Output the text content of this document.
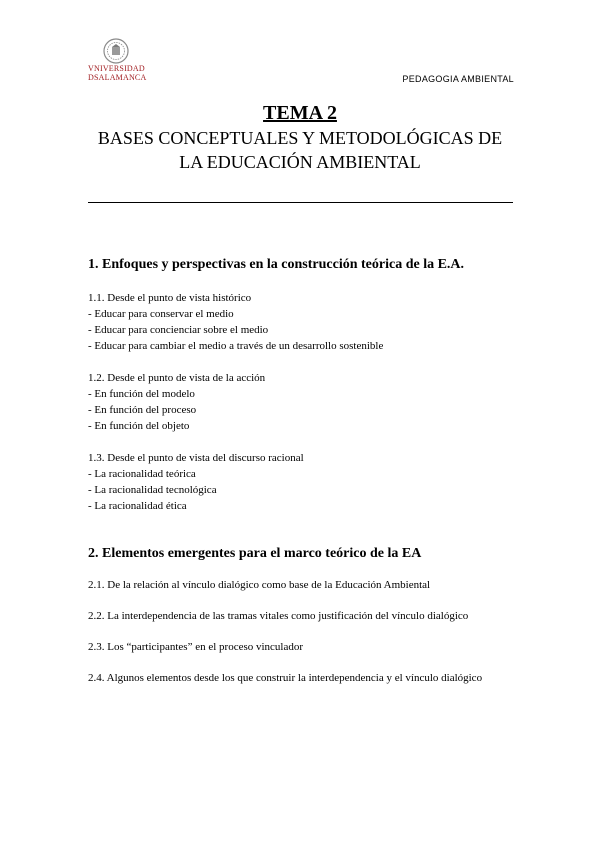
VNIVERSIDAD
DSALAMANCA	PEDAGOGIA AMBIENTAL
TEMA 2
BASES CONCEPTUALES Y METODOLÓGICAS DE
LA EDUCACIÓN AMBIENTAL
1. Enfoques y perspectivas en la construcción teórica de la E.A.
1.1. Desde el punto de vista histórico
- Educar para conservar el medio
- Educar para concienciar sobre el medio
- Educar para cambiar el medio a través de un desarrollo sostenible
1.2. Desde el punto de vista de la acción
- En función del modelo
- En función del proceso
- En función del objeto
1.3. Desde el punto de vista del discurso racional
- La racionalidad teórica
- La racionalidad tecnológica
- La racionalidad ética
2. Elementos emergentes para el marco teórico de la EA
2.1. De la relación al vínculo dialógico como base de la Educación Ambiental
2.2. La interdependencia de las tramas vitales como justificación del vínculo dialógico
2.3. Los “participantes” en el proceso vinculador
2.4. Algunos elementos desde los que construir la interdependencia y el vínculo dialógico
